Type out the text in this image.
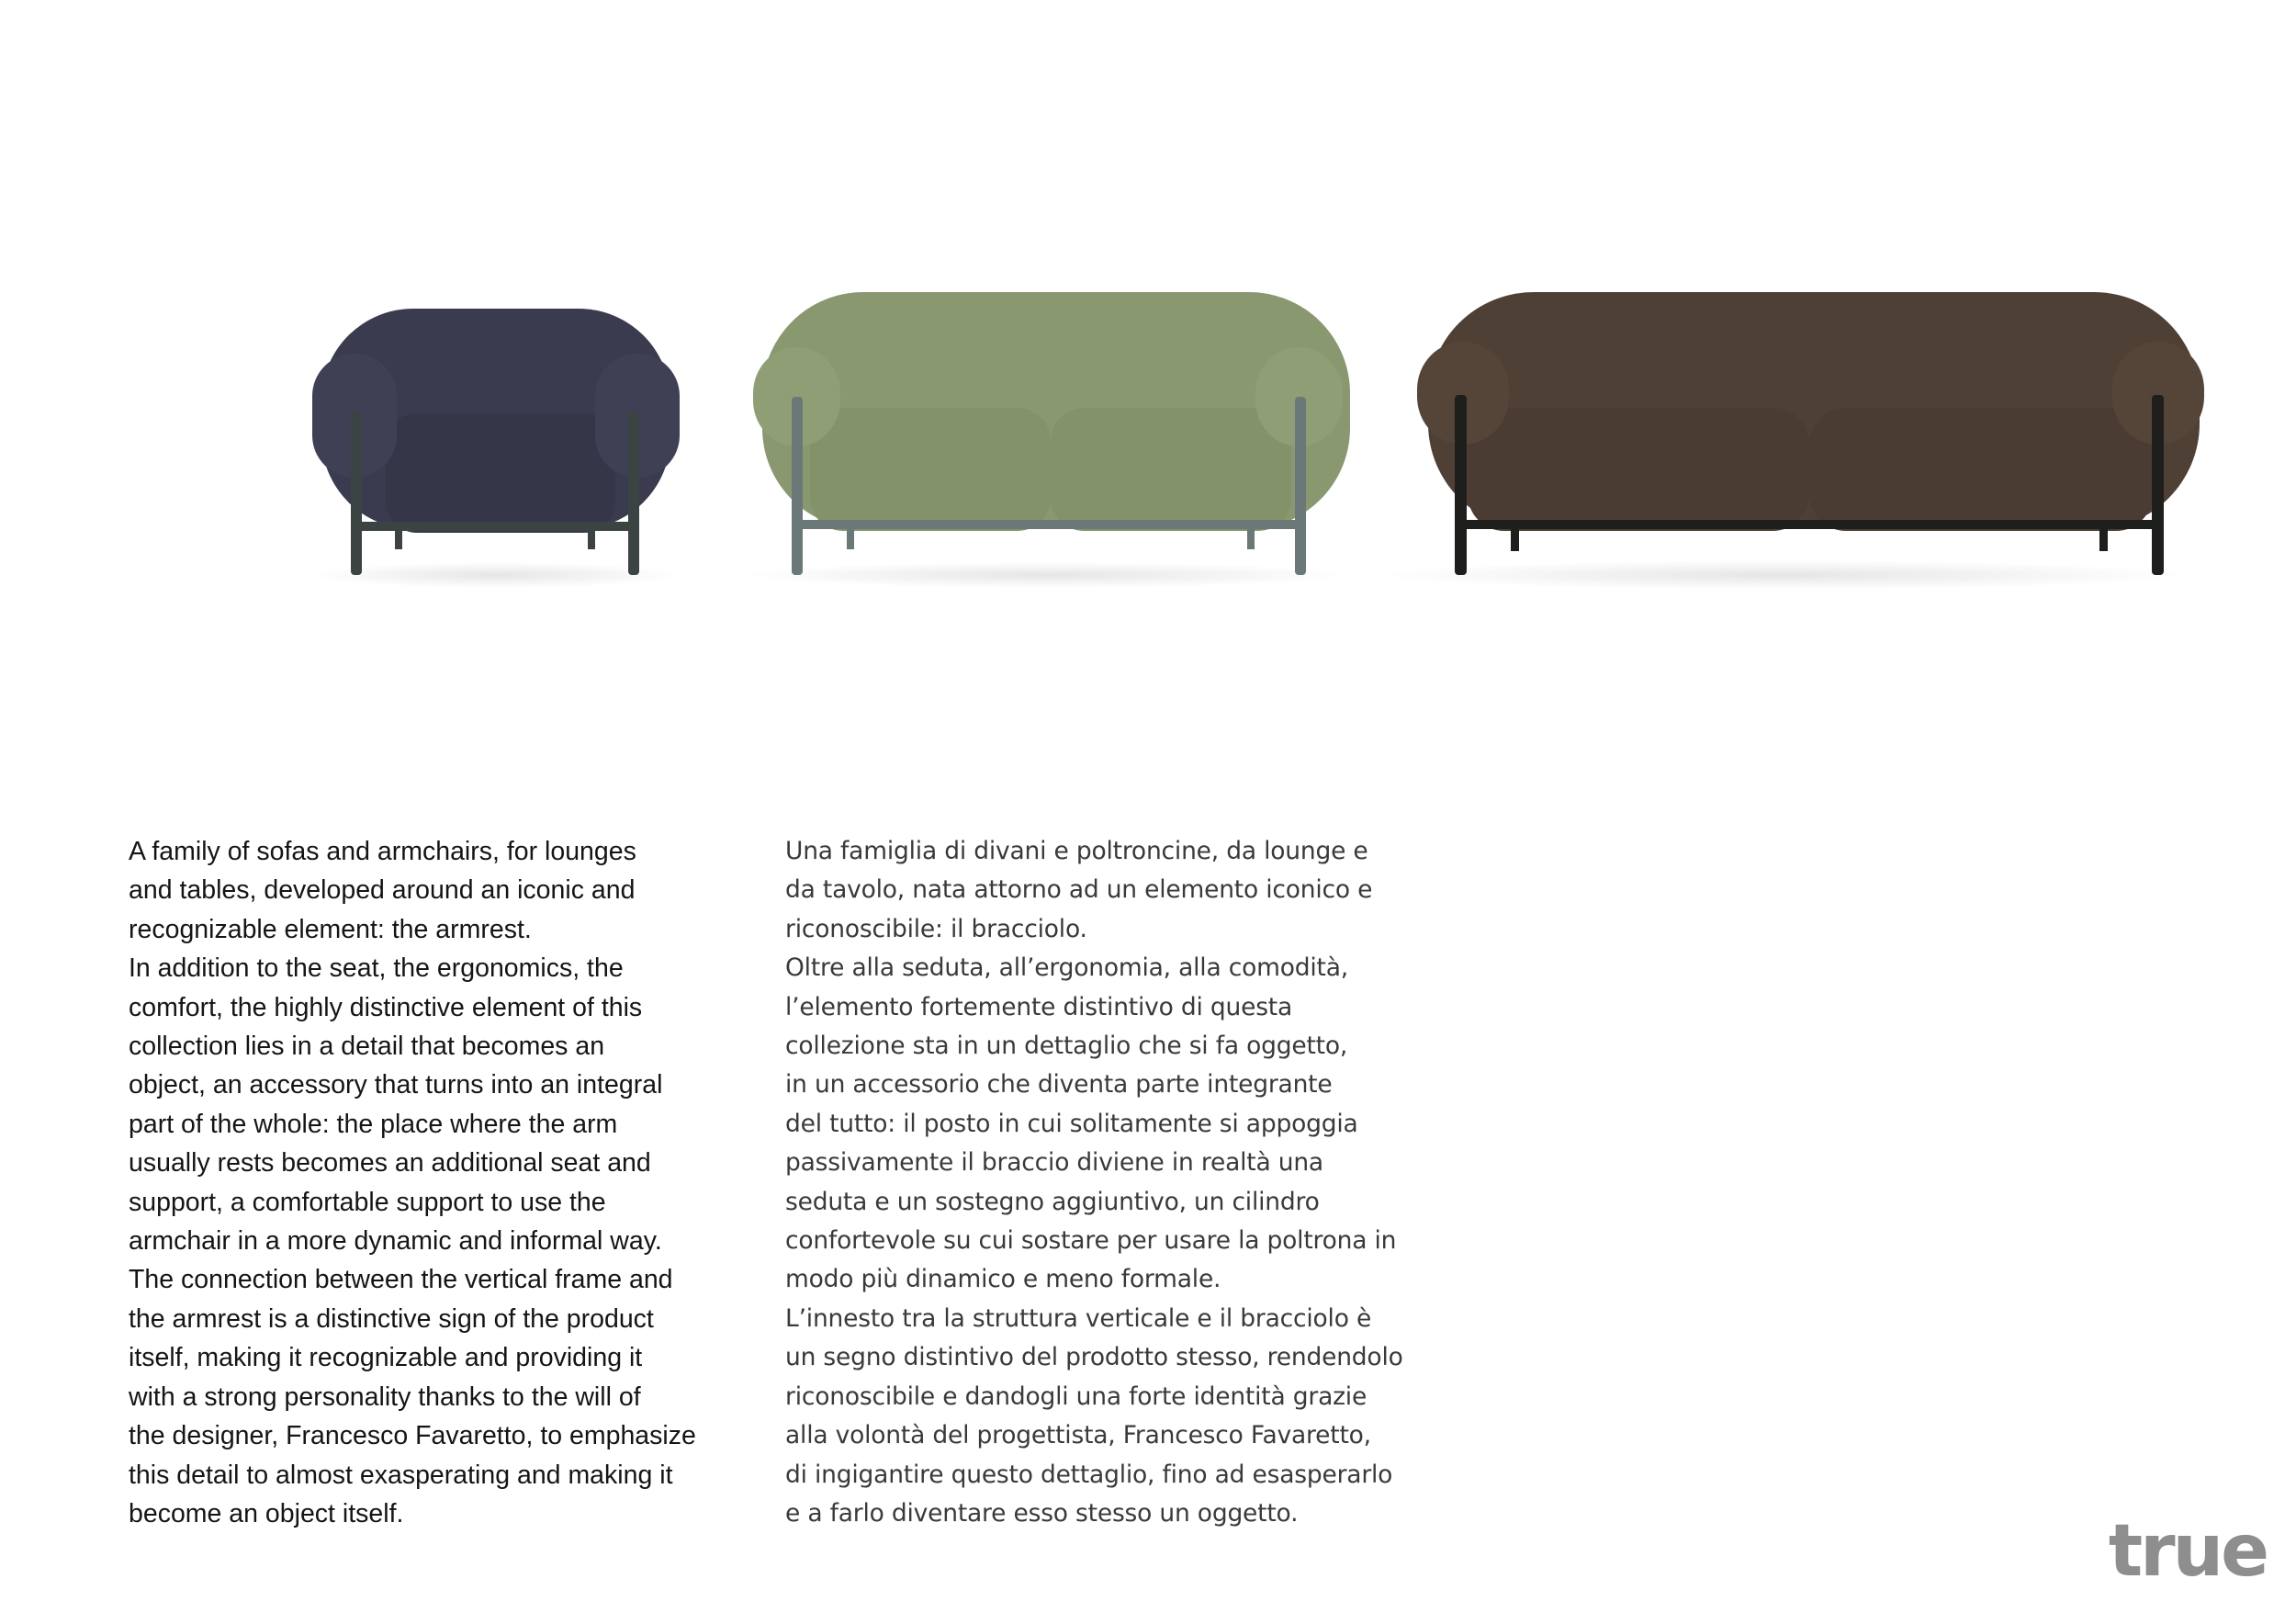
A family of sofas and armchairs, for lounges
and tables, developed around an iconic and
recognizable element: the armrest.
In addition to the seat, the ergonomics, the
comfort, the highly distinctive element of this
collection lies in a detail that becomes an
object, an accessory that turns into an integral
part of the whole: the place where the arm
usually rests becomes an additional seat and
support, a comfortable support to use the
armchair in a more dynamic and informal way.
The connection between the vertical frame and
the armrest is a distinctive sign of the product
itself, making it recognizable and providing it
with a strong personality thanks to the will of
the designer, Francesco Favaretto, to emphasize
this detail to almost exasperating and making it
become an object itself.

Una famiglia di divani e poltroncine, da lounge e
da tavolo, nata attorno ad un elemento iconico e
riconoscibile: il bracciolo.
Oltre alla seduta, all’ergonomia, alla comodità,
l’elemento fortemente distintivo di questa
collezione sta in un dettaglio che si fa oggetto,
in un accessorio che diventa parte integrante
del tutto: il posto in cui solitamente si appoggia
passivamente il braccio diviene in realtà una
seduta e un sostegno aggiuntivo, un cilindro
confortevole su cui sostare per usare la poltrona in
modo più dinamico e meno formale.
L’innesto tra la struttura verticale e il bracciolo è
un segno distintivo del prodotto stesso, rendendolo
riconoscibile e dandogli una forte identità grazie
alla volontà del progettista, Francesco Favaretto,
di ingigantire questo dettaglio, fino ad esasperarlo
e a farlo diventare esso stesso un oggetto.	true
